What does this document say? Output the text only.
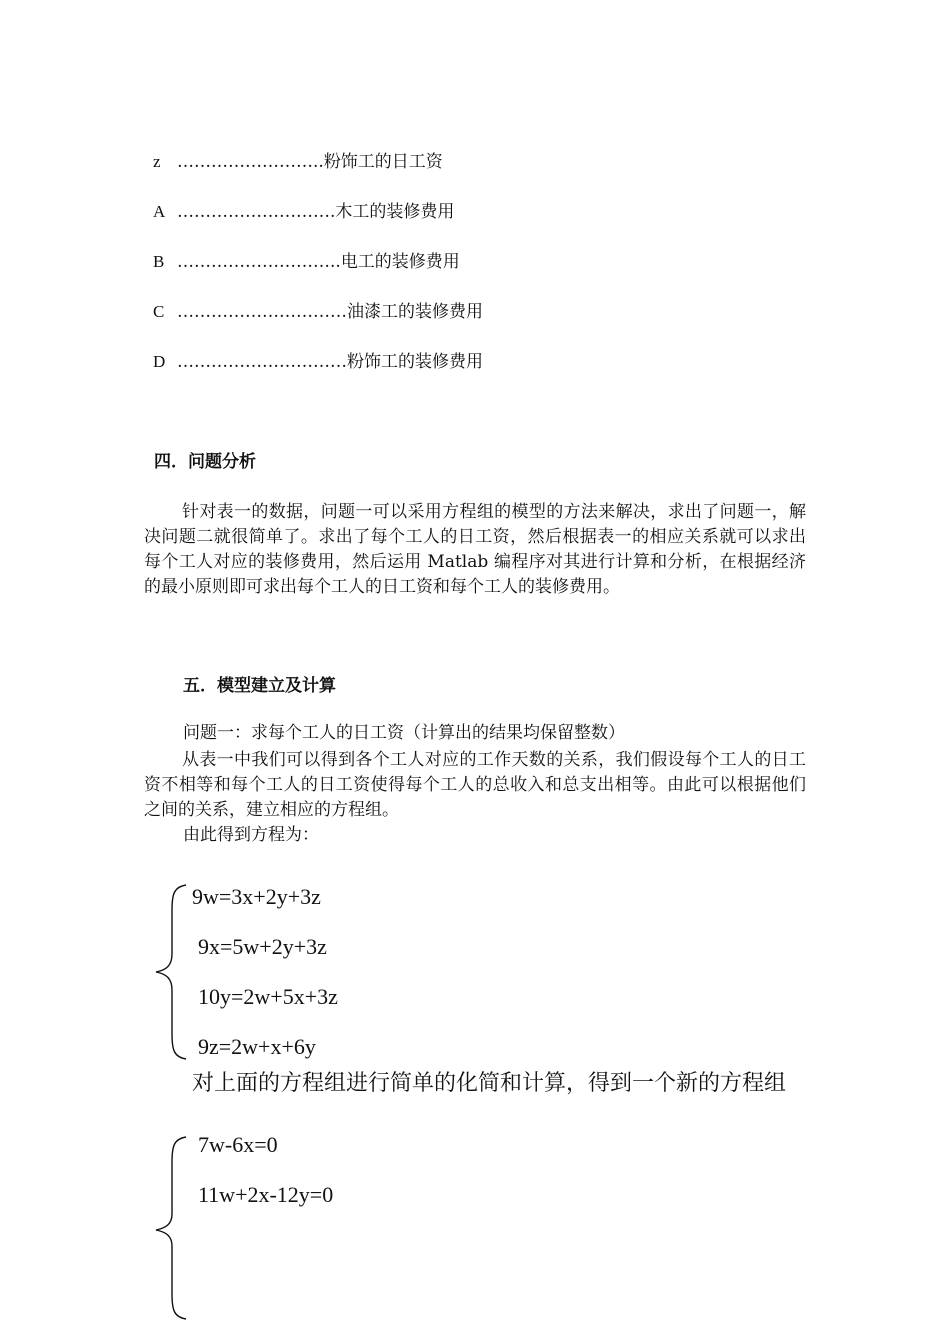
z ……………………..粉饰工的日工资
A ……………………….木工的装修费用
B ………………………..电工的装修费用
C …………………………油漆工的装修费用
D …………………………粉饰工的装修费用
四．问题分析
针对表一的数据，问题一可以采用方程组的模型的方法来解决，求出了问题一，解决问题二就很简单了。求出了每个工人的日工资，然后根据表一的相应关系就可以求出每个工人对应的装修费用，然后运用 Matlab 编程序对其进行计算和分析，在根据经济的最小原则即可求出每个工人的日工资和每个工人的装修费用。
五．模型建立及计算
问题一：求每个工人的日工资（计算出的结果均保留整数）
从表一中我们可以得到各个工人对应的工作天数的关系，我们假设每个工人的日工资不相等和每个工人的日工资使得每个工人的总收入和总支出相等。由此可以根据他们之间的关系，建立相应的方程组。
由此得到方程为：
9w=3x+2y+3z
9x=5w+2y+3z
10y=2w+5x+3z
9z=2w+x+6y
对上面的方程组进行简单的化简和计算，得到一个新的方程组
7w-6x=0
11w+2x-12y=0
